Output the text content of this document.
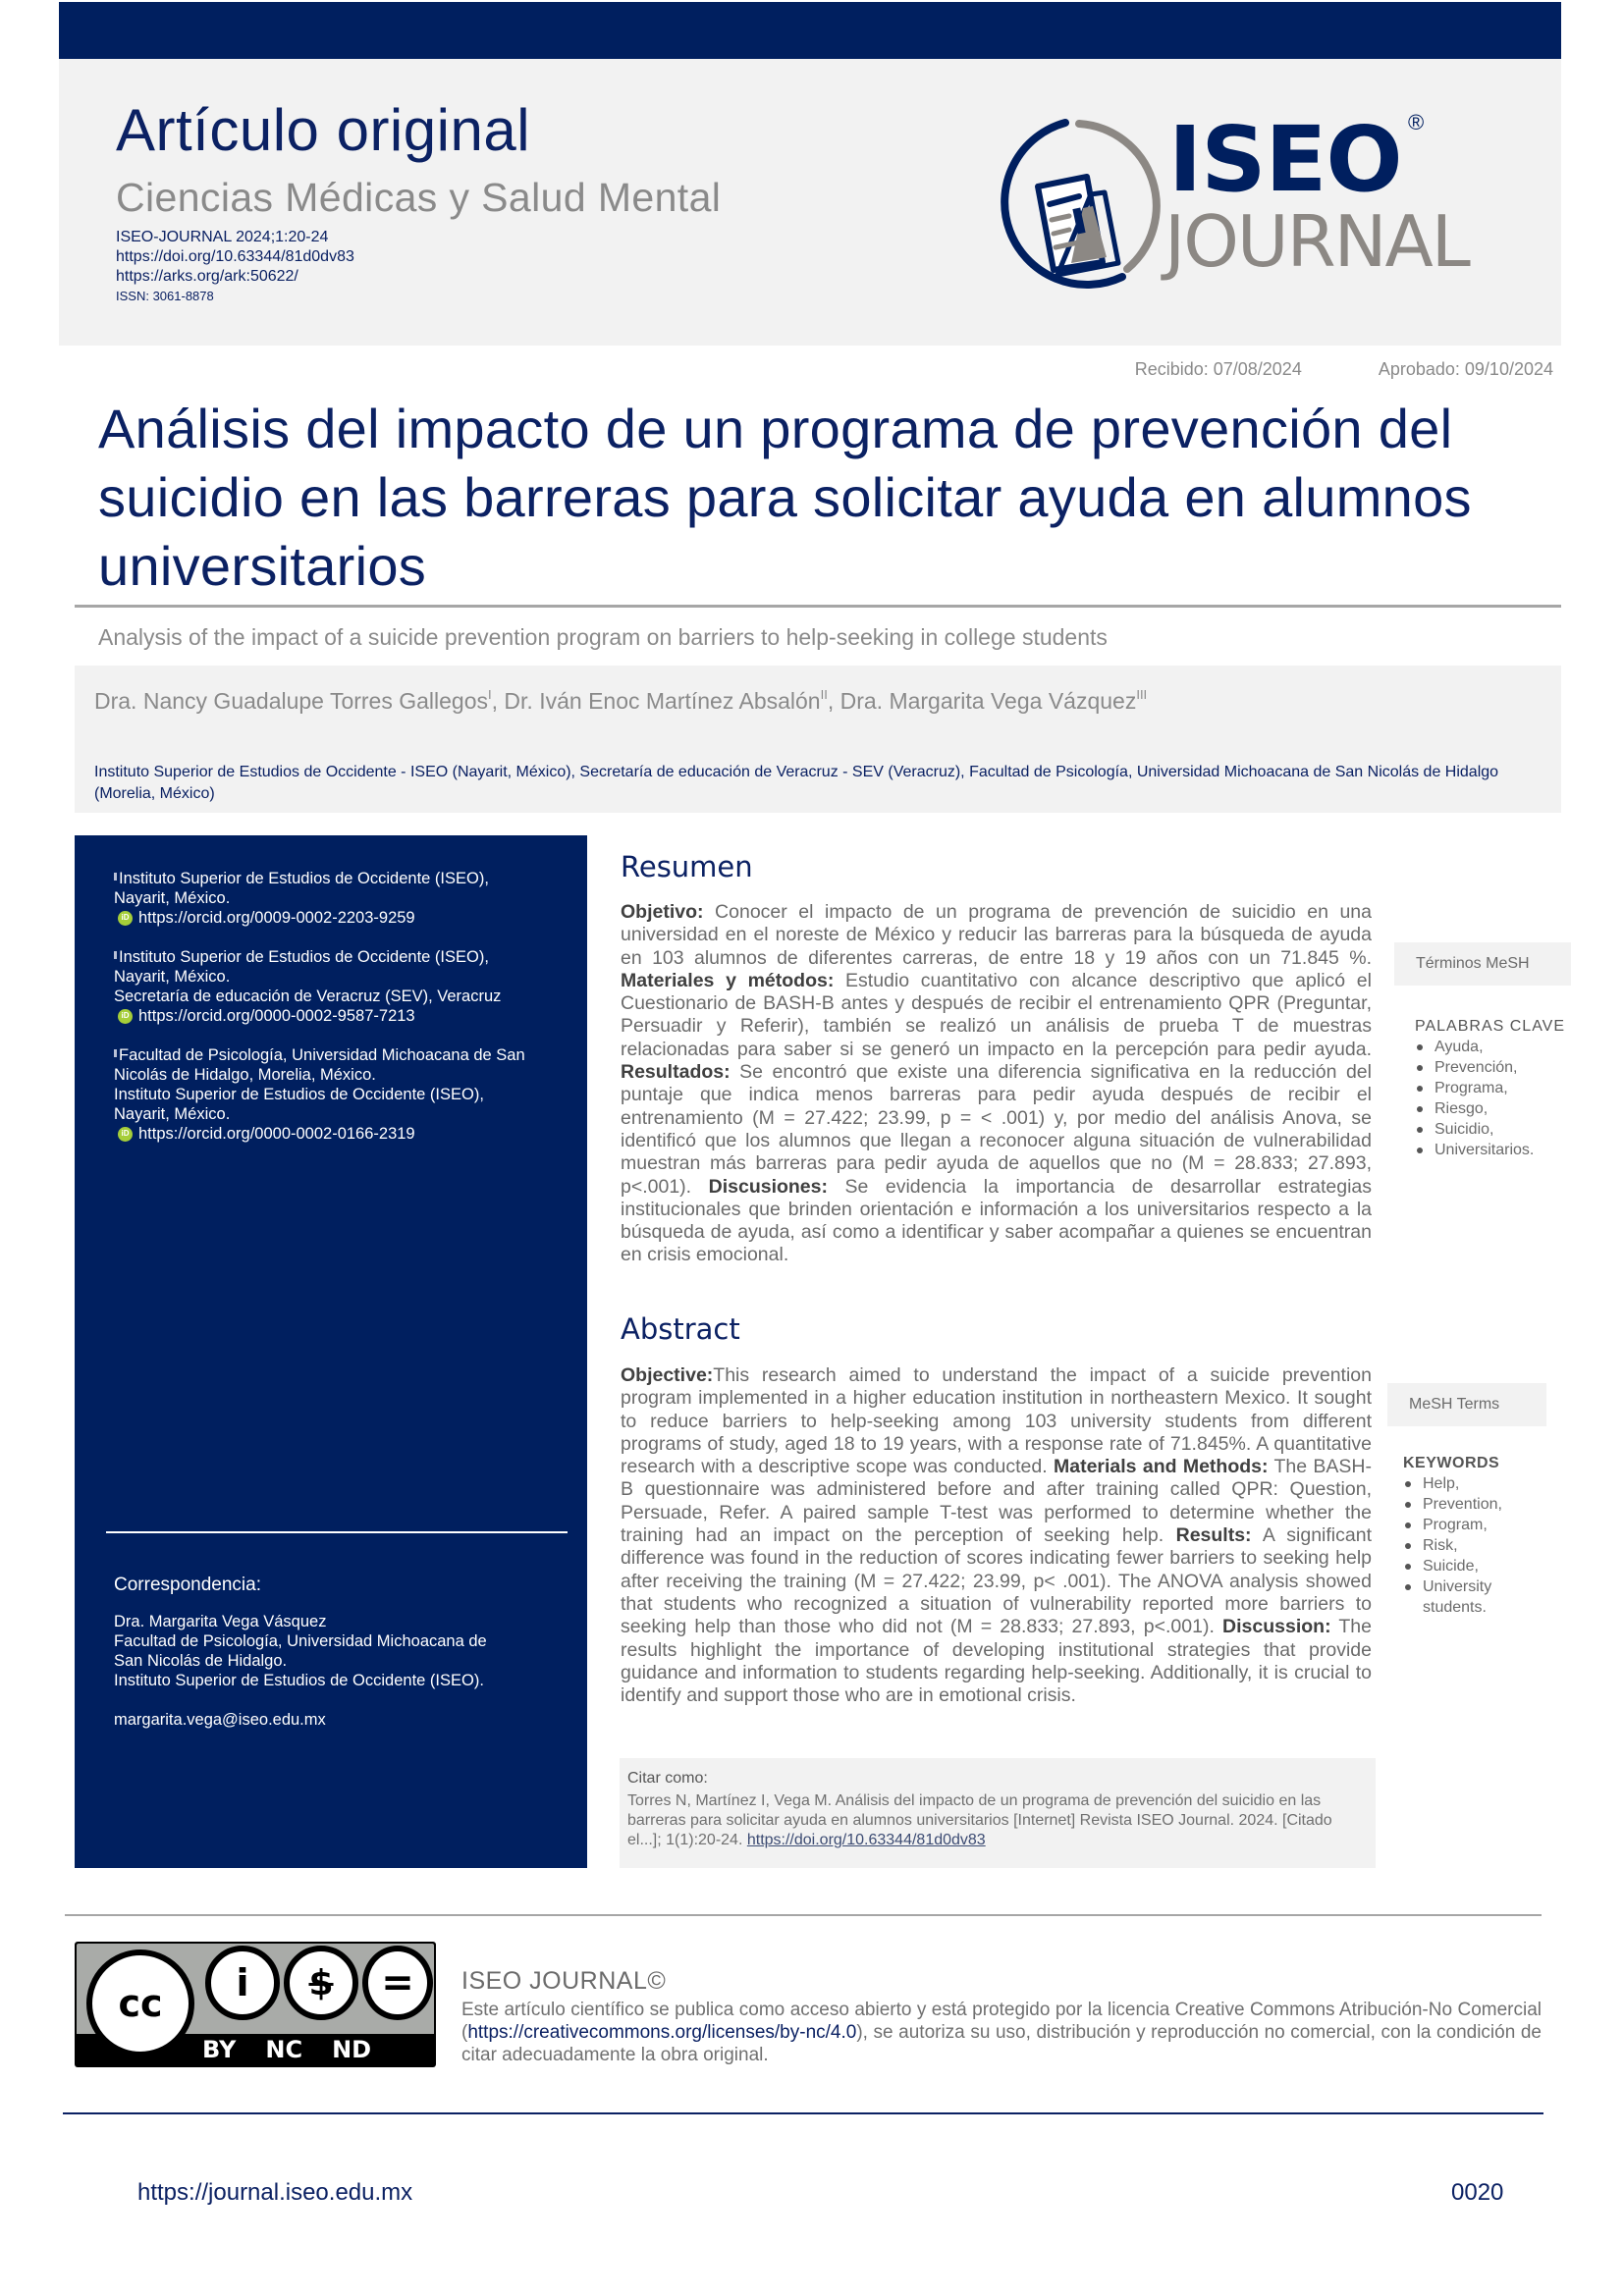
Artículo original
Ciencias Médicas y Salud Mental
ISEO-JOURNAL 2024;1:20-24
https://doi.org/10.63344/81d0dv83
https://arks.org/ark:50622/
ISSN: 3061-8878
ISEO ®
JOURNAL
Recibido: 07/08/2024	Aprobado: 09/10/2024
Análisis del impacto de un programa de prevención del suicidio en las barreras para solicitar ayuda en alumnos universitarios
Analysis of the impact of a suicide prevention program on barriers to help-seeking in college students
Dra. Nancy Guadalupe Torres Gallegos$^I$, Dr. Iván Enoc Martínez Absalón$^{II}$, Dra. Margarita Vega Vázquez$^{III}$
Instituto Superior de Estudios de Occidente - ISEO (Nayarit, México), Secretaría de educación de Veracruz - SEV (Veracruz), Facultad de Psicología, Universidad Michoacana de San Nicolás de Hidalgo (Morelia, México)
Instituto Superior de Estudios de Occidente (ISEO),
Nayarit, México.
iD https://orcid.org/0009-0002-2203-9259
Instituto Superior de Estudios de Occidente (ISEO),
Nayarit, México.
Secretaría de educación de Veracruz (SEV), Veracruz
iD https://orcid.org/0000-0002-9587-7213
Facultad de Psicología, Universidad Michoacana de San
Nicolás de Hidalgo, Morelia, México.
Instituto Superior de Estudios de Occidente (ISEO),
Nayarit, México.
iD https://orcid.org/0000-0002-0166-2319
Correspondencia:
Dra. Margarita Vega Vásquez
Facultad de Psicología, Universidad Michoacana de
San Nicolás de Hidalgo.
Instituto Superior de Estudios de Occidente (ISEO).
margarita.vega@iseo.edu.mx
Resumen
Objetivo: Conocer el impacto de un programa de prevención de suicidio en una universidad en el noreste de México y reducir las barreras para la búsqueda de ayuda en 103 alumnos de diferentes carreras, de entre 18 y 19 años con un 71.845 %. Materiales y métodos: Estudio cuantitativo con alcance descriptivo que aplicó el Cuestionario de BASH-B antes y después de recibir el entrenamiento QPR (Preguntar, Persuadir y Referir), también se realizó un análisis de prueba T de muestras relacionadas para saber si se generó un impacto en la percepción para pedir ayuda. Resultados: Se encontró que existe una diferencia significativa en la reducción del puntaje que indica menos barreras para pedir ayuda después de recibir el entrenamiento (M = 27.422; 23.99, p = < .001) y, por medio del análisis Anova, se identificó que los alumnos que llegan a reconocer alguna situación de vulnerabilidad muestran más barreras para pedir ayuda de aquellos que no (M = 28.833; 27.893, p<.001). Discusiones: Se evidencia la importancia de desarrollar estrategias institucionales que brinden orientación e información a los universitarios respecto a la búsqueda de ayuda, así como a identificar y saber acompañar a quienes se encuentran en crisis emocional.
Términos MeSH
PALABRAS CLAVE
Ayuda,
Prevención,
Programa,
Riesgo,
Suicidio,
Universitarios.
Abstract
Objective:This research aimed to understand the impact of a suicide prevention program implemented in a higher education institution in northeastern Mexico. It sought to reduce barriers to help-seeking among 103 university students from different programs of study, aged 18 to 19 years, with a response rate of 71.845%. A quantitative research with a descriptive scope was conducted. Materials and Methods: The BASH-B questionnaire was administered before and after training called QPR: Question, Persuade, Refer. A paired sample T-test was performed to determine whether the training had an impact on the perception of seeking help. Results: A significant difference was found in the reduction of scores indicating fewer barriers to seeking help after receiving the training (M = 27.422; 23.99, p< .001). The ANOVA analysis showed that students who recognized a situation of vulnerability reported more barriers to seeking help than those who did not (M = 28.833; 27.893, p<.001). Discussion: The results highlight the importance of developing institutional strategies that provide guidance and information to students regarding help-seeking. Additionally, it is crucial to identify and support those who are in emotional crisis.
MeSH Terms
KEYWORDS
Help,
Prevention,
Program,
Risk,
Suicide,
University students.
Citar como:
Torres N, Martínez I, Vega M. Análisis del impacto de un programa de prevención del suicidio en las barreras para solicitar ayuda en alumnos universitarios [Internet] Revista ISEO Journal. 2024. [Citado el...]; 1(1):20-24. https://doi.org/10.63344/81d0dv83
cc	i	$	=
BY NC ND
ISEO JOURNAL©
Este artículo científico se publica como acceso abierto y está protegido por la licencia Creative Commons Atribución-No Comercial (https://creativecommons.org/licenses/by-nc/4.0), se autoriza su uso, distribución y reproducción no comercial, con la condición de citar adecuadamente la obra original.
https://journal.iseo.edu.mx	0020
